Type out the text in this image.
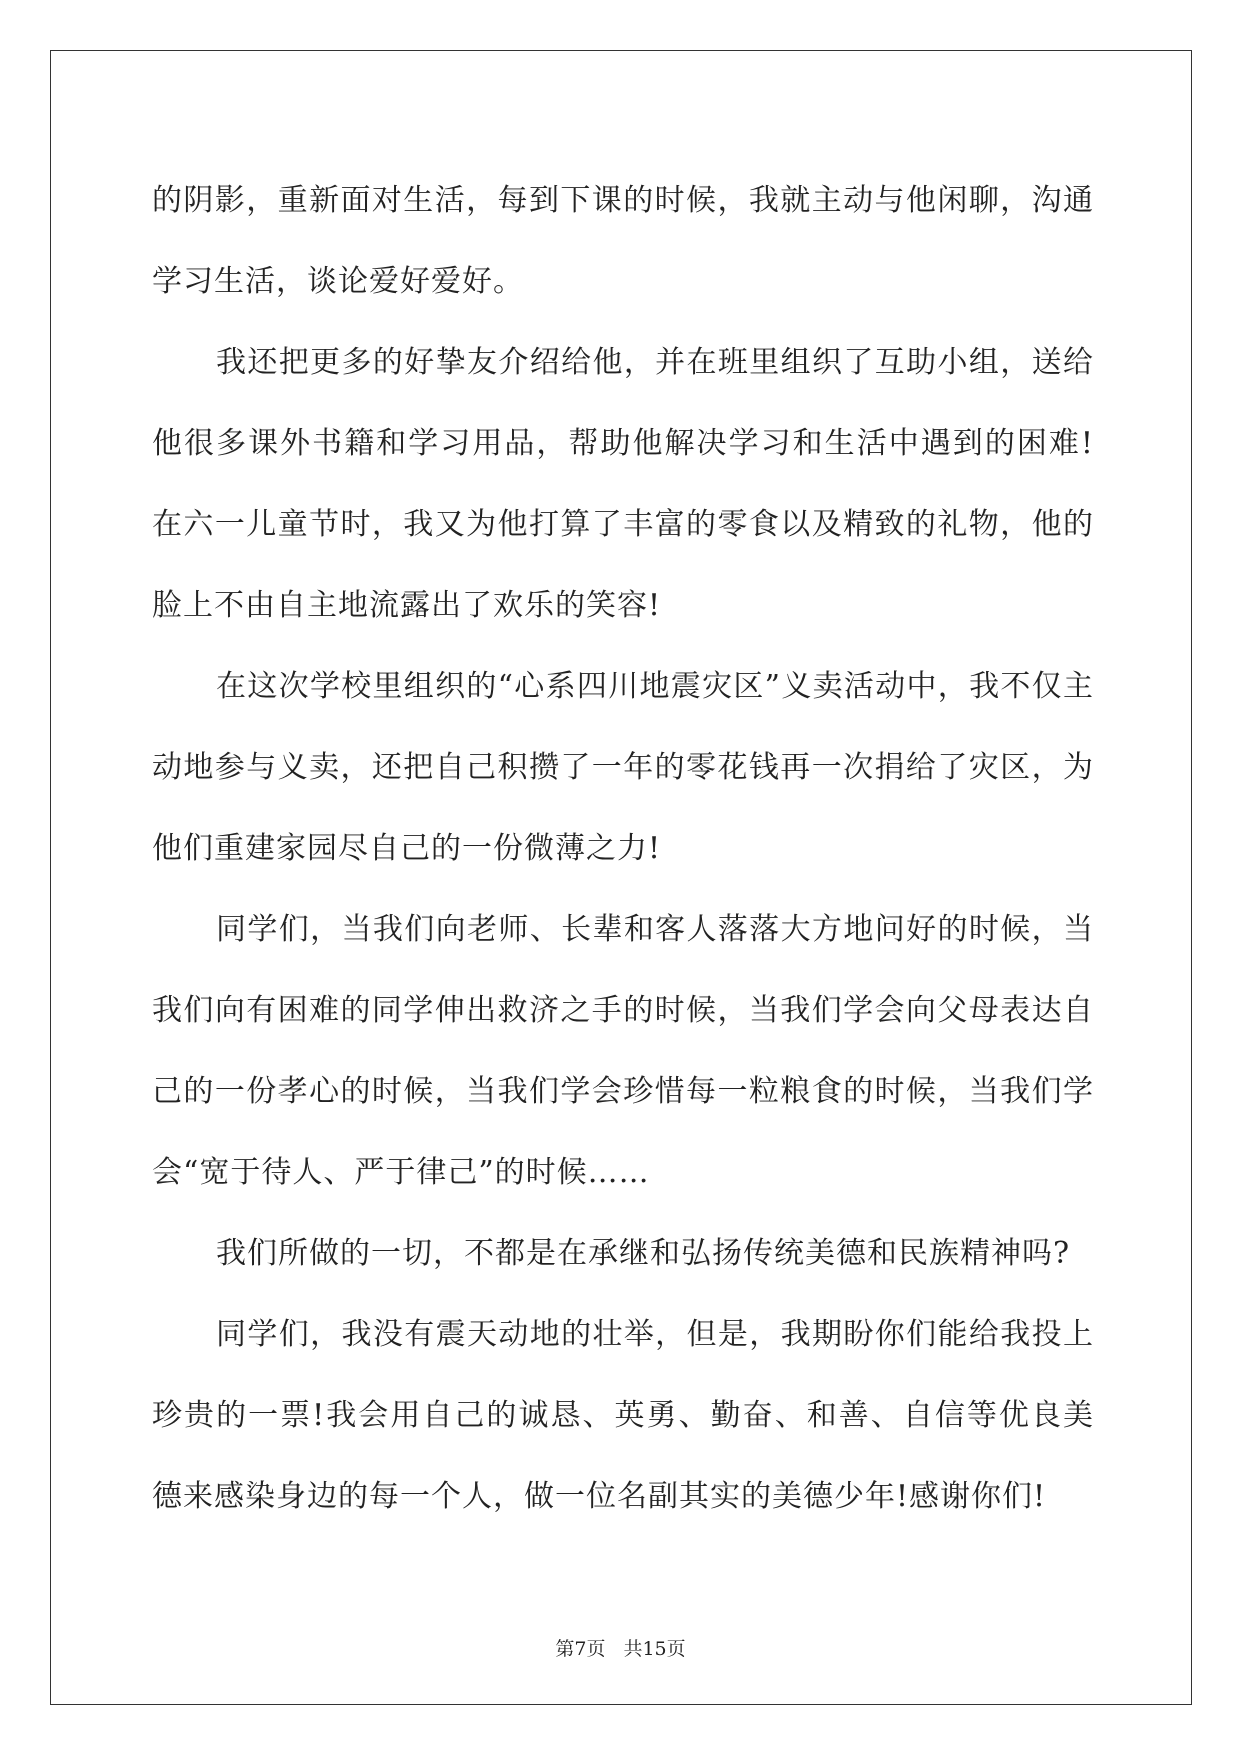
的阴影，重新面对生活，每到下课的时候，我就主动与他闲聊，沟通学习生活，谈论爱好爱好。

我还把更多的好挚友介绍给他，并在班里组织了互助小组，送给他很多课外书籍和学习用品，帮助他解决学习和生活中遇到的困难!在六一儿童节时，我又为他打算了丰富的零食以及精致的礼物，他的脸上不由自主地流露出了欢乐的笑容!

在这次学校里组织的“心系四川地震灾区”义卖活动中，我不仅主动地参与义卖，还把自己积攒了一年的零花钱再一次捐给了灾区，为他们重建家园尽自己的一份微薄之力!

同学们，当我们向老师、长辈和客人落落大方地问好的时候，当我们向有困难的同学伸出救济之手的时候，当我们学会向父母表达自己的一份孝心的时候，当我们学会珍惜每一粒粮食的时候，当我们学会“宽于待人、严于律己”的时候……

我们所做的一切，不都是在承继和弘扬传统美德和民族精神吗?

同学们，我没有震天动地的壮举，但是，我期盼你们能给我投上珍贵的一票!我会用自己的诚恳、英勇、勤奋、和善、自信等优良美德来感染身边的每一个人，做一位名副其实的美德少年!感谢你们!

第7页 共15页
